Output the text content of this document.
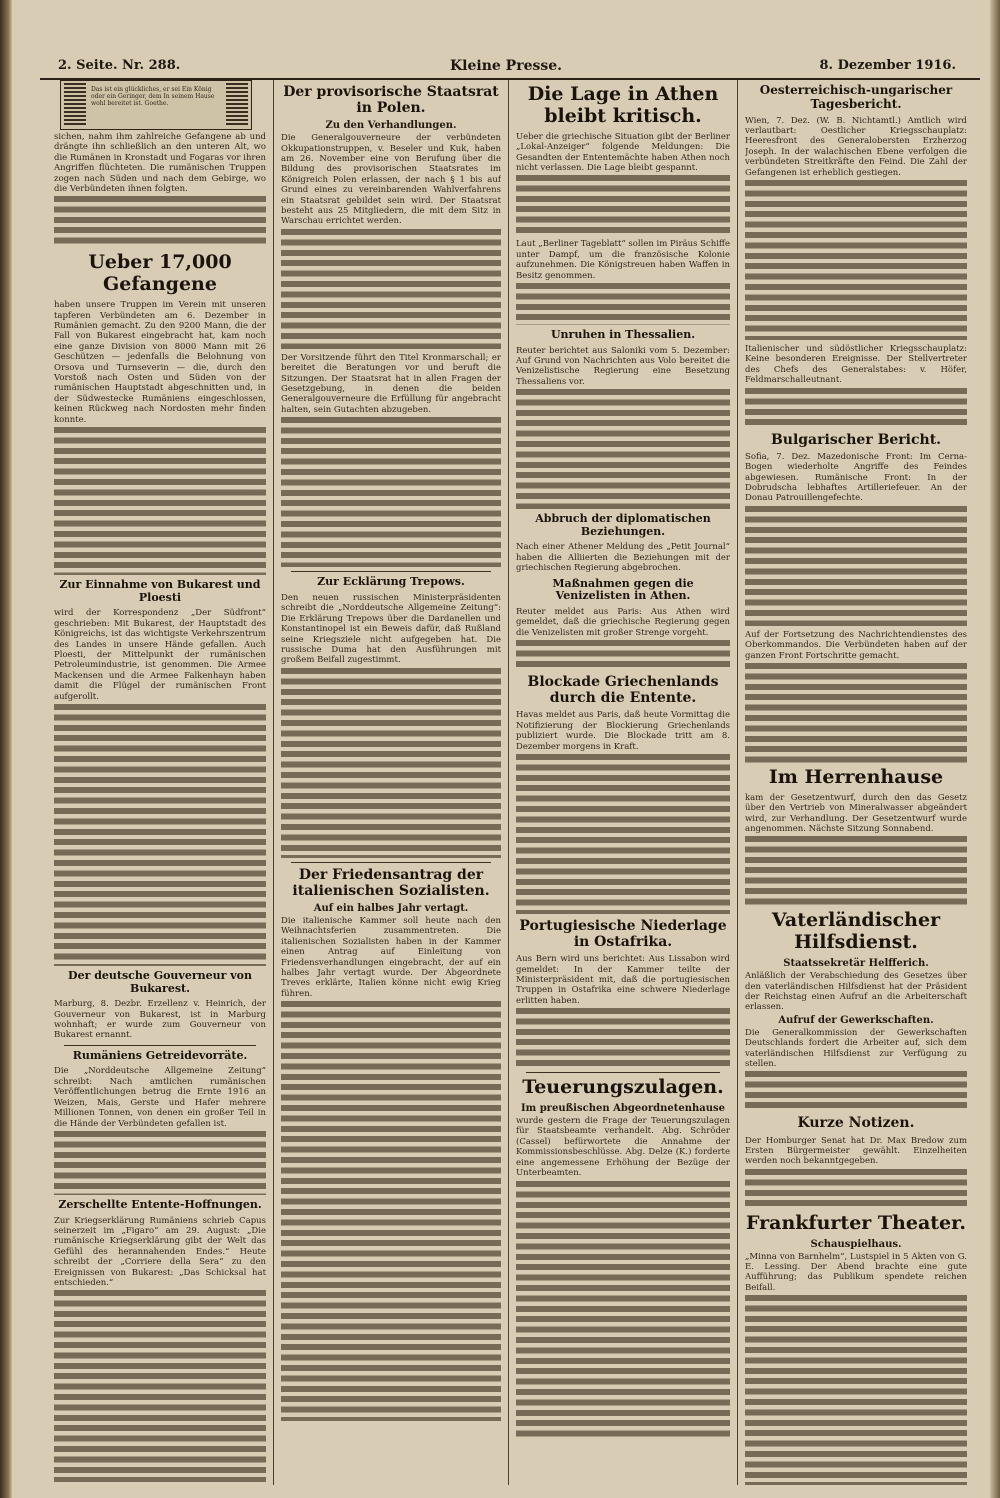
2. Seite. Nr. 288.	Kleine Presse.	8. Dezember 1916.

Das ist ein glückliches, er sei Ein König oder ein Geringer, dem In seinem Hause wohl bereitet ist. Goethe.

sichen, nahm ihm zahlreiche Gefangene ab und drängte ihn schließlich an den unteren Alt, wo die Rumänen in Kronstadt und Fogaras vor ihren Angriffen flüchteten. Die rumänischen Truppen zogen nach Süden und nach dem Gebirge, wo die Verbündeten ihnen folgten.

Ueber 17,000 Gefangene

haben unsere Truppen im Verein mit unseren tapferen Verbündeten am 6. Dezember in Rumänien gemacht. Zu den 9200 Mann, die der Fall von Bukarest eingebracht hat, kam noch eine ganze Division von 8000 Mann mit 26 Geschützen — jedenfalls die Belohnung von Orsova und Turnseverin — die, durch den Vorstoß nach Osten und Süden von der rumänischen Hauptstadt abgeschnitten und, in der Südwestecke Rumäniens eingeschlossen, keinen Rückweg nach Nordosten mehr finden konnte.

Zur Einnahme von Bukarest und Ploesti

wird der Korrespondenz „Der Südfront“ geschrieben: Mit Bukarest, der Hauptstadt des Königreichs, ist das wichtigste Verkehrszentrum des Landes in unsere Hände gefallen. Auch Ploesti, der Mittelpunkt der rumänischen Petroleumindustrie, ist genommen. Die Armee Mackensen und die Armee Falkenhayn haben damit die Flügel der rumänischen Front aufgerollt.

Der deutsche Gouverneur von Bukarest.

Marburg, 8. Dezbr. Erzellenz v. Heinrich, der Gouverneur von Bukarest, ist in Marburg wohnhaft; er wurde zum Gouverneur von Bukarest ernannt.

Rumäniens Getreidevorräte.

Die „Norddeutsche Allgemeine Zeitung“ schreibt: Nach amtlichen rumänischen Veröffentlichungen betrug die Ernte 1916 an Weizen, Mais, Gerste und Hafer mehrere Millionen Tonnen, von denen ein großer Teil in die Hände der Verbündeten gefallen ist.

Zerschellte Entente-Hoffnungen.

Zur Kriegserklärung Rumäniens schrieb Capus seinerzeit im „Figaro“ am 29. August: „Die rumänische Kriegserklärung gibt der Welt das Gefühl des herannahenden Endes.“ Heute schreibt der „Corriere della Sera“ zu den Ereignissen von Bukarest: „Das Schicksal hat entschieden.“

Der provisorische Staatsrat in Polen.
Zu den Verhandlungen.

Die Generalgouverneure der verbündeten Okkupationstruppen, v. Beseler und Kuk, haben am 26. November eine von Berufung über die Bildung des provisorischen Staatsrates im Königreich Polen erlassen, der nach § 1 bis auf Grund eines zu vereinbarenden Wahlverfahrens ein Staatsrat gebildet sein wird. Der Staatsrat besteht aus 25 Mitgliedern, die mit dem Sitz in Warschau errichtet werden.

Der Vorsitzende führt den Titel Kronmarschall; er bereitet die Beratungen vor und beruft die Sitzungen. Der Staatsrat hat in allen Fragen der Gesetzgebung, in denen die beiden Generalgouverneure die Erfüllung für angebracht halten, sein Gutachten abzugeben.

Zur Ecklärung Trepows.

Den neuen russischen Ministerpräsidenten schreibt die „Norddeutsche Allgemeine Zeitung“: Die Erklärung Trepows über die Dardanellen und Konstantinopel ist ein Beweis dafür, daß Rußland seine Kriegsziele nicht aufgegeben hat. Die russische Duma hat den Ausführungen mit großem Beifall zugestimmt.

Der Friedensantrag der italienischen Sozialisten.
Auf ein halbes Jahr vertagt.

Die italienische Kammer soll heute nach den Weihnachtsferien zusammentreten. Die italienischen Sozialisten haben in der Kammer einen Antrag auf Einleitung von Friedensverhandlungen eingebracht, der auf ein halbes Jahr vertagt wurde. Der Abgeordnete Treves erklärte, Italien könne nicht ewig Krieg führen.

Die Lage in Athen bleibt kritisch.

Ueber die griechische Situation gibt der Berliner „Lokal-Anzeiger“ folgende Meldungen: Die Gesandten der Ententemächte haben Athen noch nicht verlassen. Die Lage bleibt gespannt.

Laut „Berliner Tageblatt“ sollen im Piräus Schiffe unter Dampf, um die französische Kolonie aufzunehmen. Die Königstreuen haben Waffen in Besitz genommen.

Unruhen in Thessalien.

Reuter berichtet aus Saloniki vom 5. Dezember: Auf Grund von Nachrichten aus Volo bereitet die Venizelistische Regierung eine Besetzung Thessaliens vor.

Abbruch der diplomatischen Beziehungen.

Nach einer Athener Meldung des „Petit Journal“ haben die Alliierten die Beziehungen mit der griechischen Regierung abgebrochen.

Maßnahmen gegen die Venizelisten in Athen.

Reuter meldet aus Paris: Aus Athen wird gemeldet, daß die griechische Regierung gegen die Venizelisten mit großer Strenge vorgeht.

Blockade Griechenlands durch die Entente.

Havas meldet aus Paris, daß heute Vormittag die Notifizierung der Blockierung Griechenlands publiziert wurde. Die Blockade tritt am 8. Dezember morgens in Kraft.

Portugiesische Niederlage in Ostafrika.

Aus Bern wird uns berichtet: Aus Lissabon wird gemeldet: In der Kammer teilte der Ministerpräsident mit, daß die portugiesischen Truppen in Ostafrika eine schwere Niederlage erlitten haben.

Teuerungszulagen.
Im preußischen Abgeordnetenhause

wurde gestern die Frage der Teuerungszulagen für Staatsbeamte verhandelt. Abg. Schröder (Cassel) befürwortete die Annahme der Kommissionsbeschlüsse. Abg. Delze (K.) forderte eine angemessene Erhöhung der Bezüge der Unterbeamten.

Oesterreichisch-ungarischer Tagesbericht.

Wien, 7. Dez. (W. B. Nichtamtl.) Amtlich wird verlautbart: Oestlicher Kriegsschauplatz: Heeresfront des Generalobersten Erzherzog Joseph. In der walachischen Ebene verfolgen die verbündeten Streitkräfte den Feind. Die Zahl der Gefangenen ist erheblich gestiegen.

Italienischer und südöstlicher Kriegsschauplatz: Keine besonderen Ereignisse. Der Stellvertreter des Chefs des Generalstabes: v. Höfer, Feldmarschalleutnant.

Bulgarischer Bericht.

Sofia, 7. Dez. Mazedonische Front: Im Cerna-Bogen wiederholte Angriffe des Feindes abgewiesen. Rumänische Front: In der Dobrudscha lebhaftes Artilleriefeuer. An der Donau Patrouillengefechte.

Auf der Fortsetzung des Nachrichtendienstes des Oberkommandos. Die Verbündeten haben auf der ganzen Front Fortschritte gemacht.

Im Herrenhause

kam der Gesetzentwurf, durch den das Gesetz über den Vertrieb von Mineralwasser abgeändert wird, zur Verhandlung. Der Gesetzentwurf wurde angenommen. Nächste Sitzung Sonnabend.

Vaterländischer Hilfsdienst.
Staatssekretär Helfferich.

Anläßlich der Verabschiedung des Gesetzes über den vaterländischen Hilfsdienst hat der Präsident der Reichstag einen Aufruf an die Arbeiterschaft erlassen.

Aufruf der Gewerkschaften.

Die Generalkommission der Gewerkschaften Deutschlands fordert die Arbeiter auf, sich dem vaterländischen Hilfsdienst zur Verfügung zu stellen.

Kurze Notizen.

Der Homburger Senat hat Dr. Max Bredow zum Ersten Bürgermeister gewählt. Einzelheiten werden noch bekanntgegeben.

Frankfurter Theater.
Schauspielhaus.

„Minna von Barnhelm“, Lustspiel in 5 Akten von G. E. Lessing. Der Abend brachte eine gute Aufführung; das Publikum spendete reichen Beifall.
